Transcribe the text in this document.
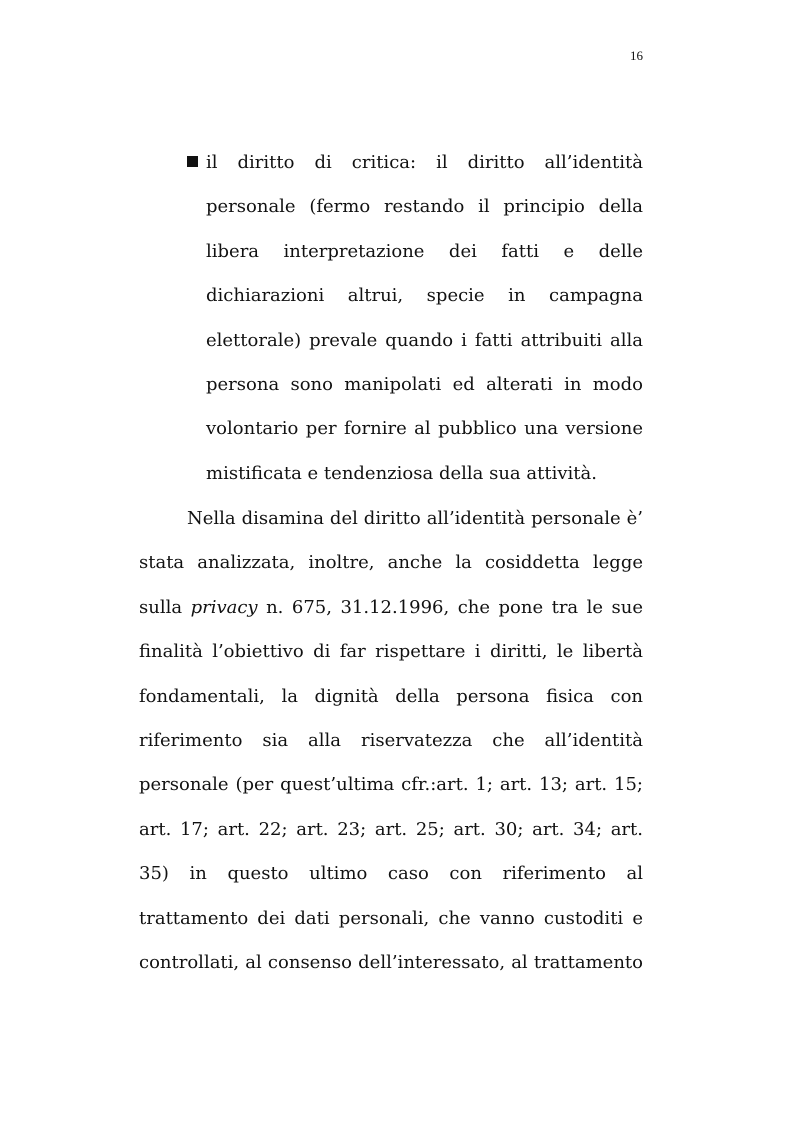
16
il diritto di critica: il diritto all’identità
personale (fermo restando il principio della
libera interpretazione dei fatti e delle
dichiarazioni altrui, specie in campagna
elettorale) prevale quando i fatti attribuiti alla
persona sono manipolati ed alterati in modo
volontario per fornire al pubblico una versione
mistificata e tendenziosa della sua attività.
Nella disamina del diritto all’identità personale è’
stata analizzata, inoltre, anche la cosiddetta legge
sulla privacy n. 675, 31.12.1996, che pone tra le sue
finalità l’obiettivo di far rispettare i diritti, le libertà
fondamentali, la dignità della persona fisica con
riferimento sia alla riservatezza che all’identità
personale (per quest’ultima cfr.:art. 1; art. 13; art. 15;
art. 17; art. 22; art. 23; art. 25; art. 30; art. 34; art.
35) in questo ultimo caso con riferimento al
trattamento dei dati personali, che vanno custoditi e
controllati, al consenso dell’interessato, al trattamento
